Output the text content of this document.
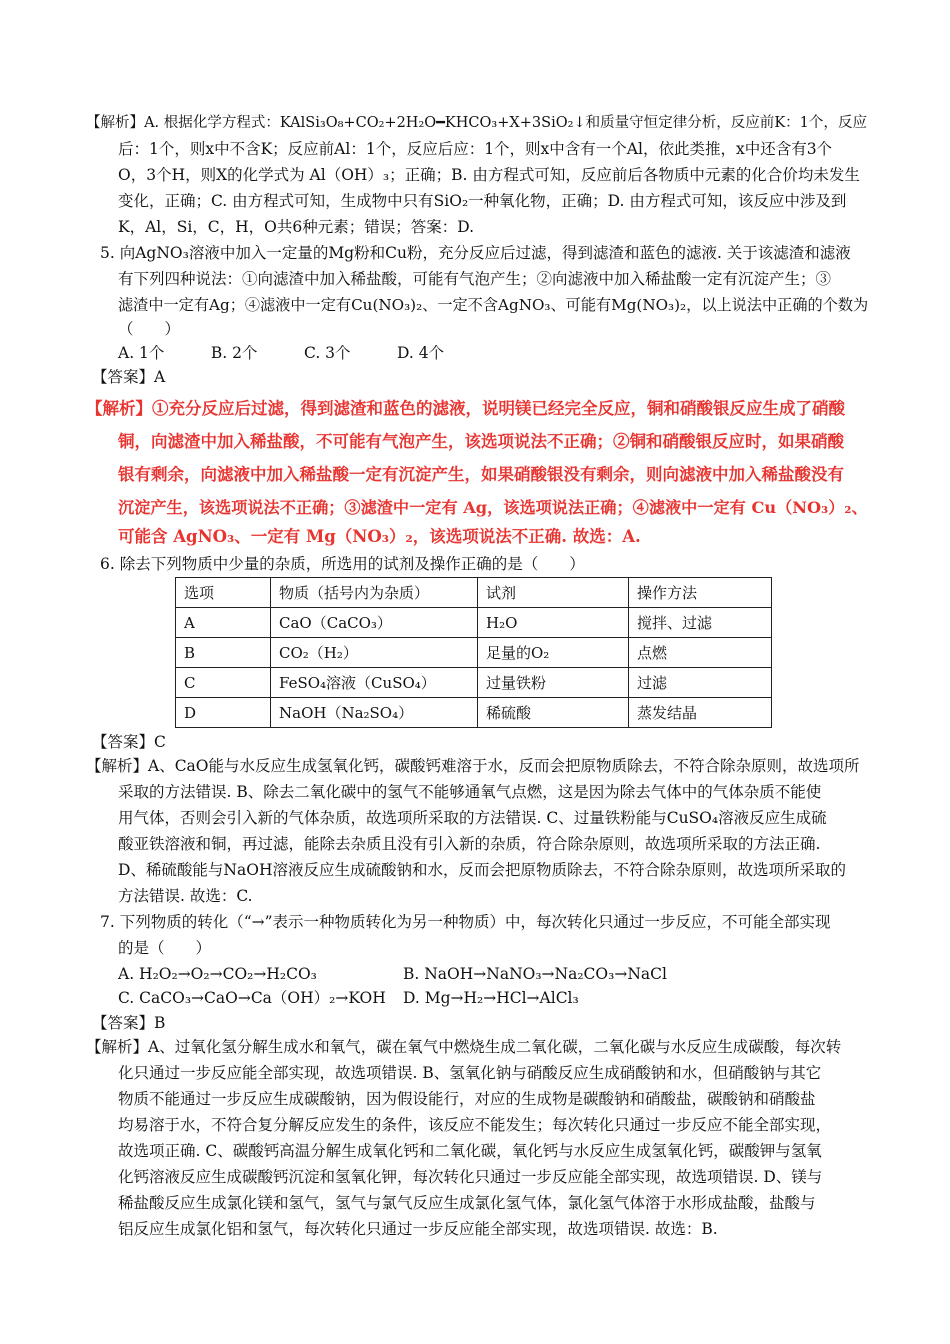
【解析】A. 根据化学方程式：KAlSi₃O₈+CO₂+2H₂O━KHCO₃+X+3SiO₂↓和质量守恒定律分析，反应前K：1个，反应
后：1个，则x中不含K；反应前Al：1个，反应后应：1个，则x中含有一个Al，依此类推，x中还含有3个
O，3个H，则X的化学式为 Al（OH）₃；正确；B. 由方程式可知，反应前后各物质中元素的化合价均未发生
变化，正确；C. 由方程式可知，生成物中只有SiO₂一种氧化物，正确；D. 由方程式可知，该反应中涉及到
K，Al，Si，C，H，O共6种元素；错误；答案：D.
5. 向AgNO₃溶液中加入一定量的Mg粉和Cu粉，充分反应后过滤，得到滤渣和蓝色的滤液. 关于该滤渣和滤液
有下列四种说法：①向滤渣中加入稀盐酸，可能有气泡产生；②向滤液中加入稀盐酸一定有沉淀产生；③
滤渣中一定有Ag；④滤液中一定有Cu(NO₃)₂、一定不含AgNO₃、可能有Mg(NO₃)₂，以上说法中正确的个数为
（　　）
A. 1个　　　B. 2个　　　C. 3个　　　D. 4个
【答案】A
【解析】①充分反应后过滤，得到滤渣和蓝色的滤液，说明镁已经完全反应，铜和硝酸银反应生成了硝酸
铜，向滤渣中加入稀盐酸，不可能有气泡产生，该选项说法不正确；②铜和硝酸银反应时，如果硝酸
银有剩余，向滤液中加入稀盐酸一定有沉淀产生，如果硝酸银没有剩余，则向滤液中加入稀盐酸没有
沉淀产生，该选项说法不正确；③滤渣中一定有 Ag，该选项说法正确；④滤液中一定有 Cu（NO₃）₂、
可能含 AgNO₃、一定有 Mg（NO₃）₂，该选项说法不正确. 故选：A.
6. 除去下列物质中少量的杂质，所选用的试剂及操作正确的是（　　）
选项	物质（括号内为杂质）	试剂	操作方法
A	CaO（CaCO₃）	H₂O	搅拌、过滤
B	CO₂（H₂）	足量的O₂	点燃
C	FeSO₄溶液（CuSO₄）	过量铁粉	过滤
D	NaOH（Na₂SO₄）	稀硫酸	蒸发结晶
【答案】C
【解析】A、CaO能与水反应生成氢氧化钙，碳酸钙难溶于水，反而会把原物质除去，不符合除杂原则，故选项所
采取的方法错误. B、除去二氧化碳中的氢气不能够通氧气点燃，这是因为除去气体中的气体杂质不能使
用气体，否则会引入新的气体杂质，故选项所采取的方法错误. C、过量铁粉能与CuSO₄溶液反应生成硫
酸亚铁溶液和铜，再过滤，能除去杂质且没有引入新的杂质，符合除杂原则，故选项所采取的方法正确.
D、稀硫酸能与NaOH溶液反应生成硫酸钠和水，反而会把原物质除去，不符合除杂原则，故选项所采取的
方法错误. 故选：C.
7. 下列物质的转化（“→”表示一种物质转化为另一种物质）中，每次转化只通过一步反应，不可能全部实现
的是（　　）
A. H₂O₂→O₂→CO₂→H₂CO₃	B. NaOH→NaNO₃→Na₂CO₃→NaCl
C. CaCO₃→CaO→Ca（OH）₂→KOH D. Mg→H₂→HCl→AlCl₃
【答案】B
【解析】A、过氧化氢分解生成水和氧气，碳在氧气中燃烧生成二氧化碳，二氧化碳与水反应生成碳酸，每次转
化只通过一步反应能全部实现，故选项错误. B、氢氧化钠与硝酸反应生成硝酸钠和水，但硝酸钠与其它
物质不能通过一步反应生成碳酸钠，因为假设能行，对应的生成物是碳酸钠和硝酸盐，碳酸钠和硝酸盐
均易溶于水，不符合复分解反应发生的条件，该反应不能发生；每次转化只通过一步反应不能全部实现，
故选项正确. C、碳酸钙高温分解生成氧化钙和二氧化碳，氧化钙与水反应生成氢氧化钙，碳酸钾与氢氧
化钙溶液反应生成碳酸钙沉淀和氢氧化钾，每次转化只通过一步反应能全部实现，故选项错误. D、镁与
稀盐酸反应生成氯化镁和氢气，氢气与氯气反应生成氯化氢气体，氯化氢气体溶于水形成盐酸，盐酸与
铝反应生成氯化铝和氢气，每次转化只通过一步反应能全部实现，故选项错误. 故选：B.
